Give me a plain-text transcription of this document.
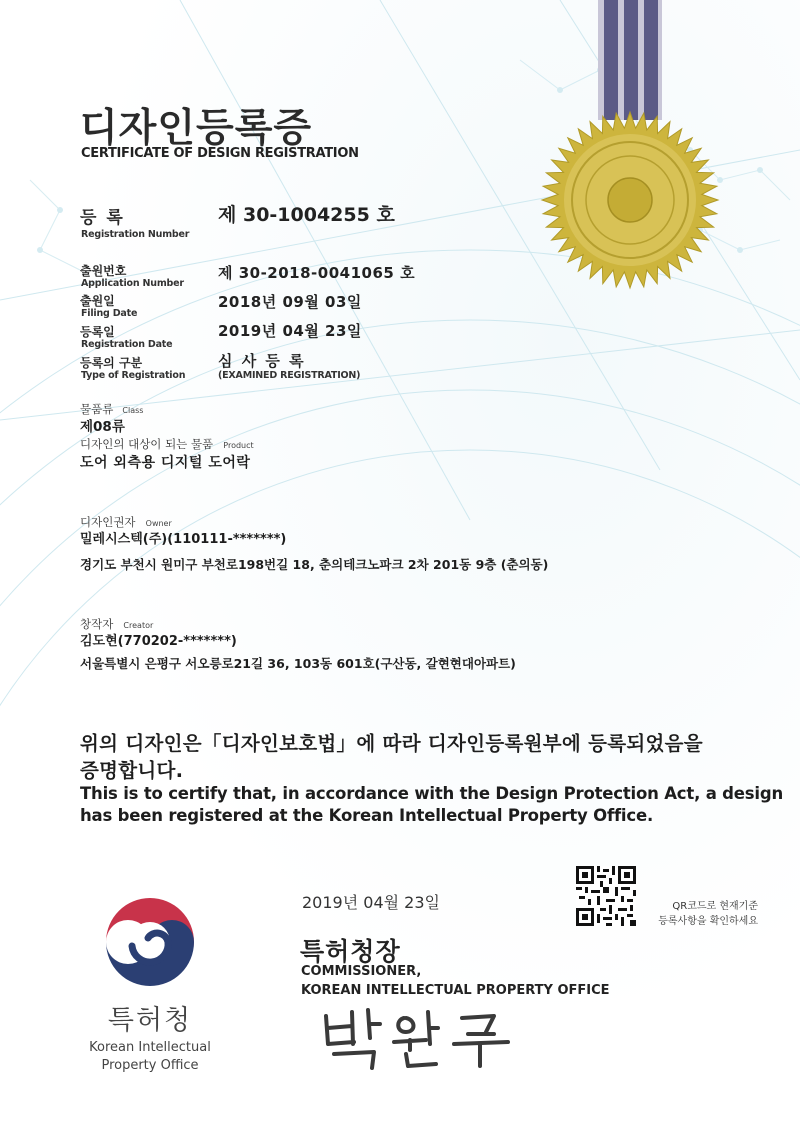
디자인등록증
CERTIFICATE OF DESIGN REGISTRATION
등 록
Registration Number
제 30-1004255 호
출원번호
Application Number
제 30-2018-0041065 호
출원일
Filing Date
2018년 09월 03일
등록일
Registration Date
2019년 04월 23일
등록의 구분
Type of Registration
심 사 등 록
(EXAMINED REGISTRATION)
물품류 Class
제08류
디자인의 대상이 되는 물품 Product
도어 외측용 디지털 도어락
디자인권자 Owner
밀레시스텍(주)(110111-*******)
경기도 부천시 원미구 부천로198번길 18, 춘의테크노파크 2차 201동 9층 (춘의동)
창작자 Creator
김도현(770202-*******)
서울특별시 은평구 서오릉로21길 36, 103동 601호(구산동, 갈현현대아파트)
위의 디자인은「디자인보호법」에 따라 디자인등록원부에 등록되었음을
증명합니다.
This is to certify that, in accordance with the Design Protection Act, a design
has been registered at the Korean Intellectual Property Office.
특허청
Korean Intellectual
Property Office
2019년 04월 23일	QR코드로 현재기준
등록사항을 확인하세요
특허청장
COMMISSIONER,
KOREAN INTELLECTUAL PROPERTY OFFICE
